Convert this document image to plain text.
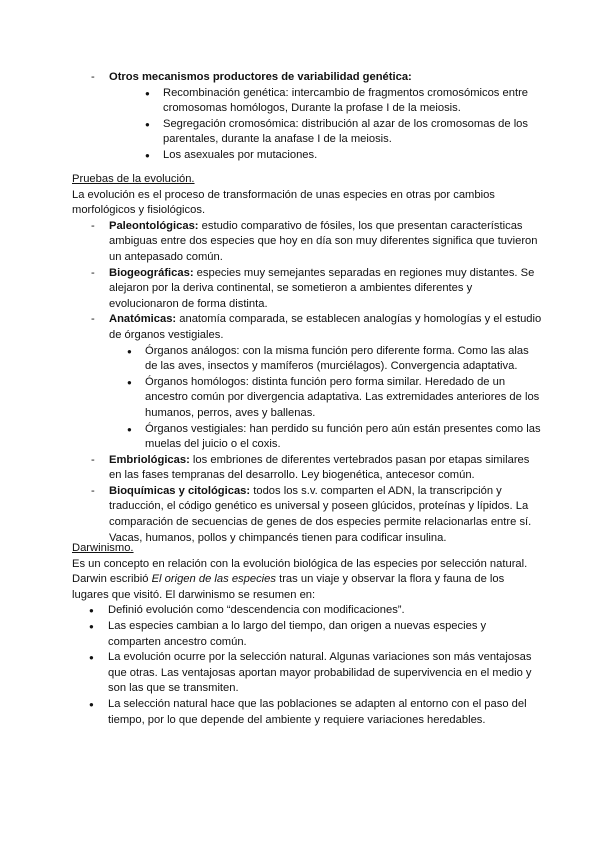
- Otros mecanismos productores de variabilidad genética:
● Recombinación genética: intercambio de fragmentos cromosómicos entre cromosomas homólogos, Durante la profase I de la meiosis.
● Segregación cromosómica: distribución al azar de los cromosomas de los parentales, durante la anafase I de la meiosis.
● Los asexuales por mutaciones.
Pruebas de la evolución.

La evolución es el proceso de transformación de unas especies en otras por cambios morfológicos y fisiológicos.

- Paleontológicas: estudio comparativo de fósiles, los que presentan características ambiguas entre dos especies que hoy en día son muy diferentes significa que tuvieron un antepasado común.
- Biogeográficas: especies muy semejantes separadas en regiones muy distantes. Se alejaron por la deriva continental, se sometieron a ambientes diferentes y evolucionaron de forma distinta.
- Anatómicas: anatomía comparada, se establecen analogías y homologías y el estudio de órganos vestigiales.
● Órganos análogos: con la misma función pero diferente forma. Como las alas de las aves, insectos y mamíferos (murciélagos). Convergencia adaptativa.
● Órganos homólogos: distinta función pero forma similar. Heredado de un ancestro común por divergencia adaptativa. Las extremidades anteriores de los humanos, perros, aves y ballenas.
● Órganos vestigiales: han perdido su función pero aún están presentes como las muelas del juicio o el coxis.
- Embriológicas: los embriones de diferentes vertebrados pasan por etapas similares en las fases tempranas del desarrollo. Ley biogenética, antecesor común.
- Bioquímicas y citológicas: todos los s.v. comparten el ADN, la transcripción y traducción, el código genético es universal y poseen glúcidos, proteínas y lípidos. La comparación de secuencias de genes de dos especies permite relacionarlas entre sí. Vacas, humanos, pollos y chimpancés tienen para codificar insulina.
Darwinismo.

Es un concepto en relación con la evolución biológica de las especies por selección natural.

Darwin escribió El origen de las especies tras un viaje y observar la flora y fauna de los lugares que visitó. El darwinismo se resumen en:

● Definió evolución como “descendencia con modificaciones”.
● Las especies cambian a lo largo del tiempo, dan origen a nuevas especies y comparten ancestro común.
● La evolución ocurre por la selección natural. Algunas variaciones son más ventajosas que otras. Las ventajosas aportan mayor probabilidad de supervivencia en el medio y son las que se transmiten.
● La selección natural hace que las poblaciones se adapten al entorno con el paso del tiempo, por lo que depende del ambiente y requiere variaciones heredables.
